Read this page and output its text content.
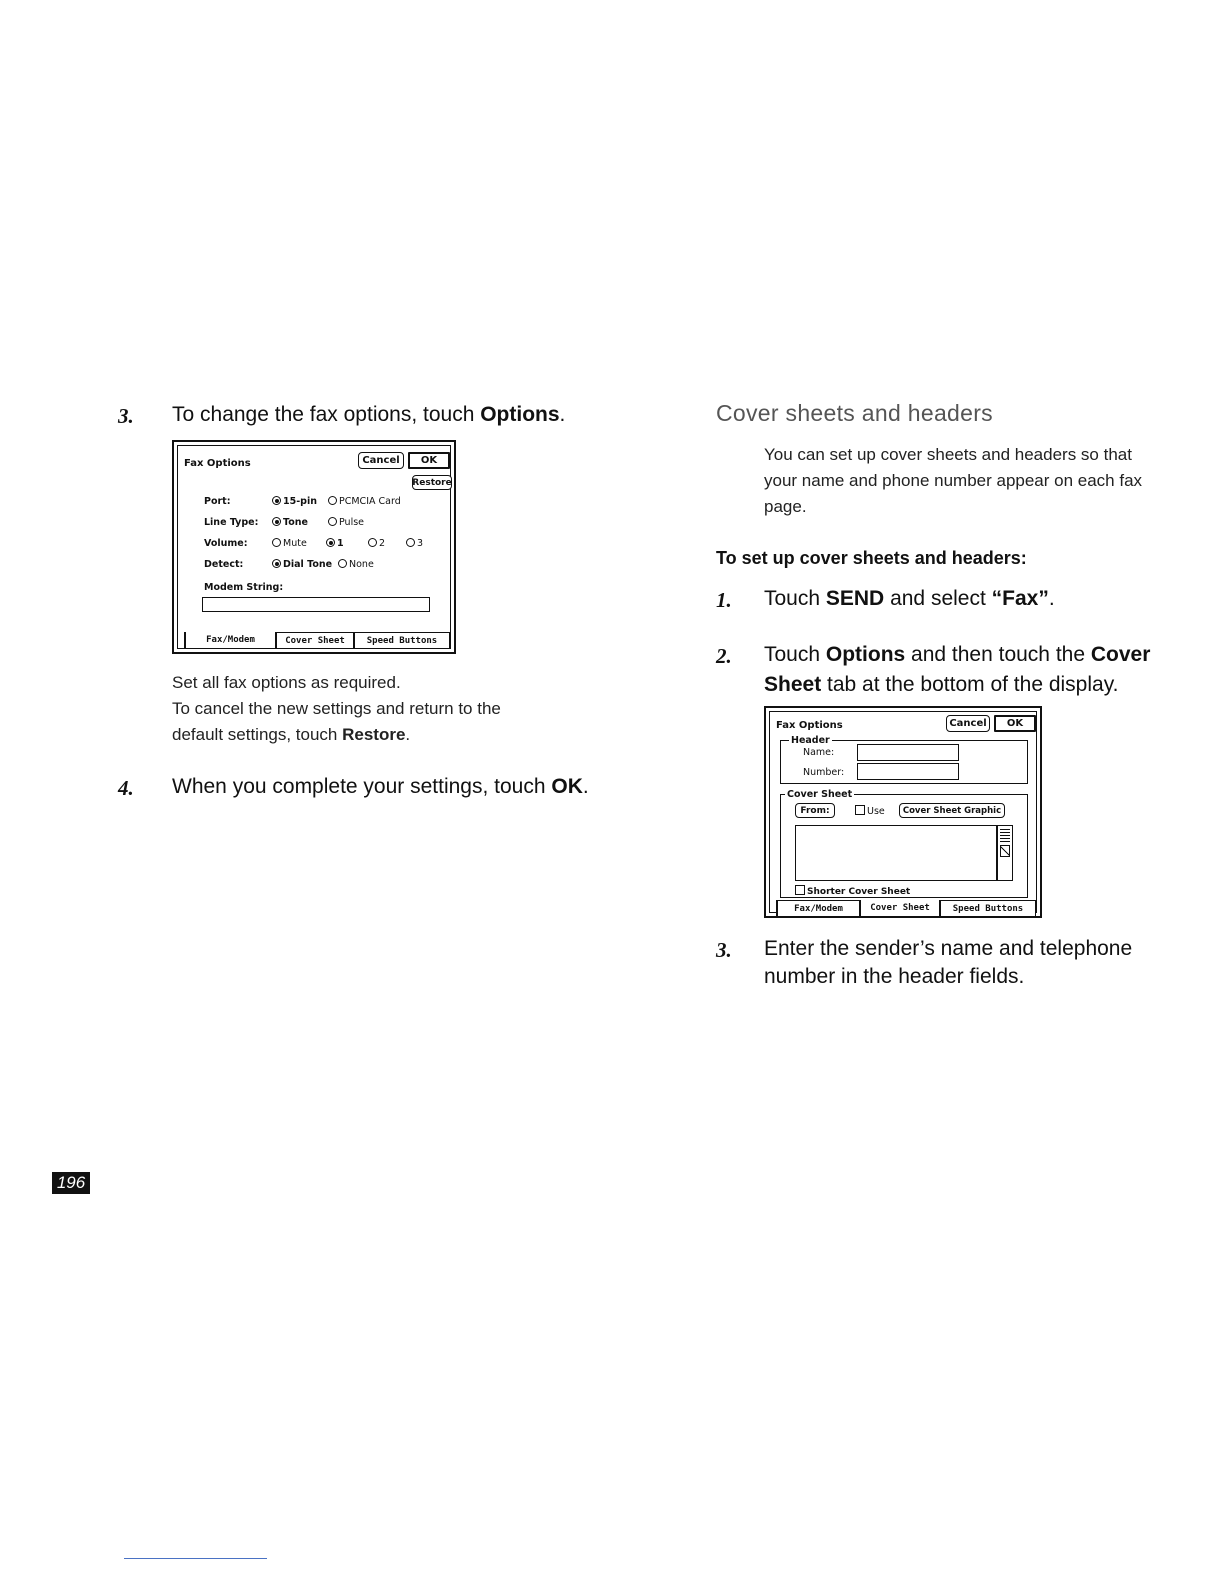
3. To change the fax options, touch Options.
Fax Options	Cancel	OK
Restore
Port:	15-pin	PCMCIA Card
Line Type:	Tone	Pulse
Volume:	Mute	1	2	3
Detect:	Dial Tone	None
Modem String:
Fax/Modem	Cover Sheet	Speed Buttons
Set all fax options as required.
To cancel the new settings and return to the
default settings, touch Restore.
4. When you complete your settings, touch OK.
Cover sheets and headers
You can set up cover sheets and headers so that
your name and phone number appear on each fax
page.
To set up cover sheets and headers:
1. Touch SEND and select “Fax”.
2. Touch Options and then touch the Cover
Sheet tab at the bottom of the display.
Fax Options	Cancel	OK
Header
Name:
Number:
Cover Sheet
From:	Use	Cover Sheet Graphic
Shorter Cover Sheet
Fax/Modem	Cover Sheet	Speed Buttons
3. Enter the sender’s name and telephone
number in the header fields.
196
